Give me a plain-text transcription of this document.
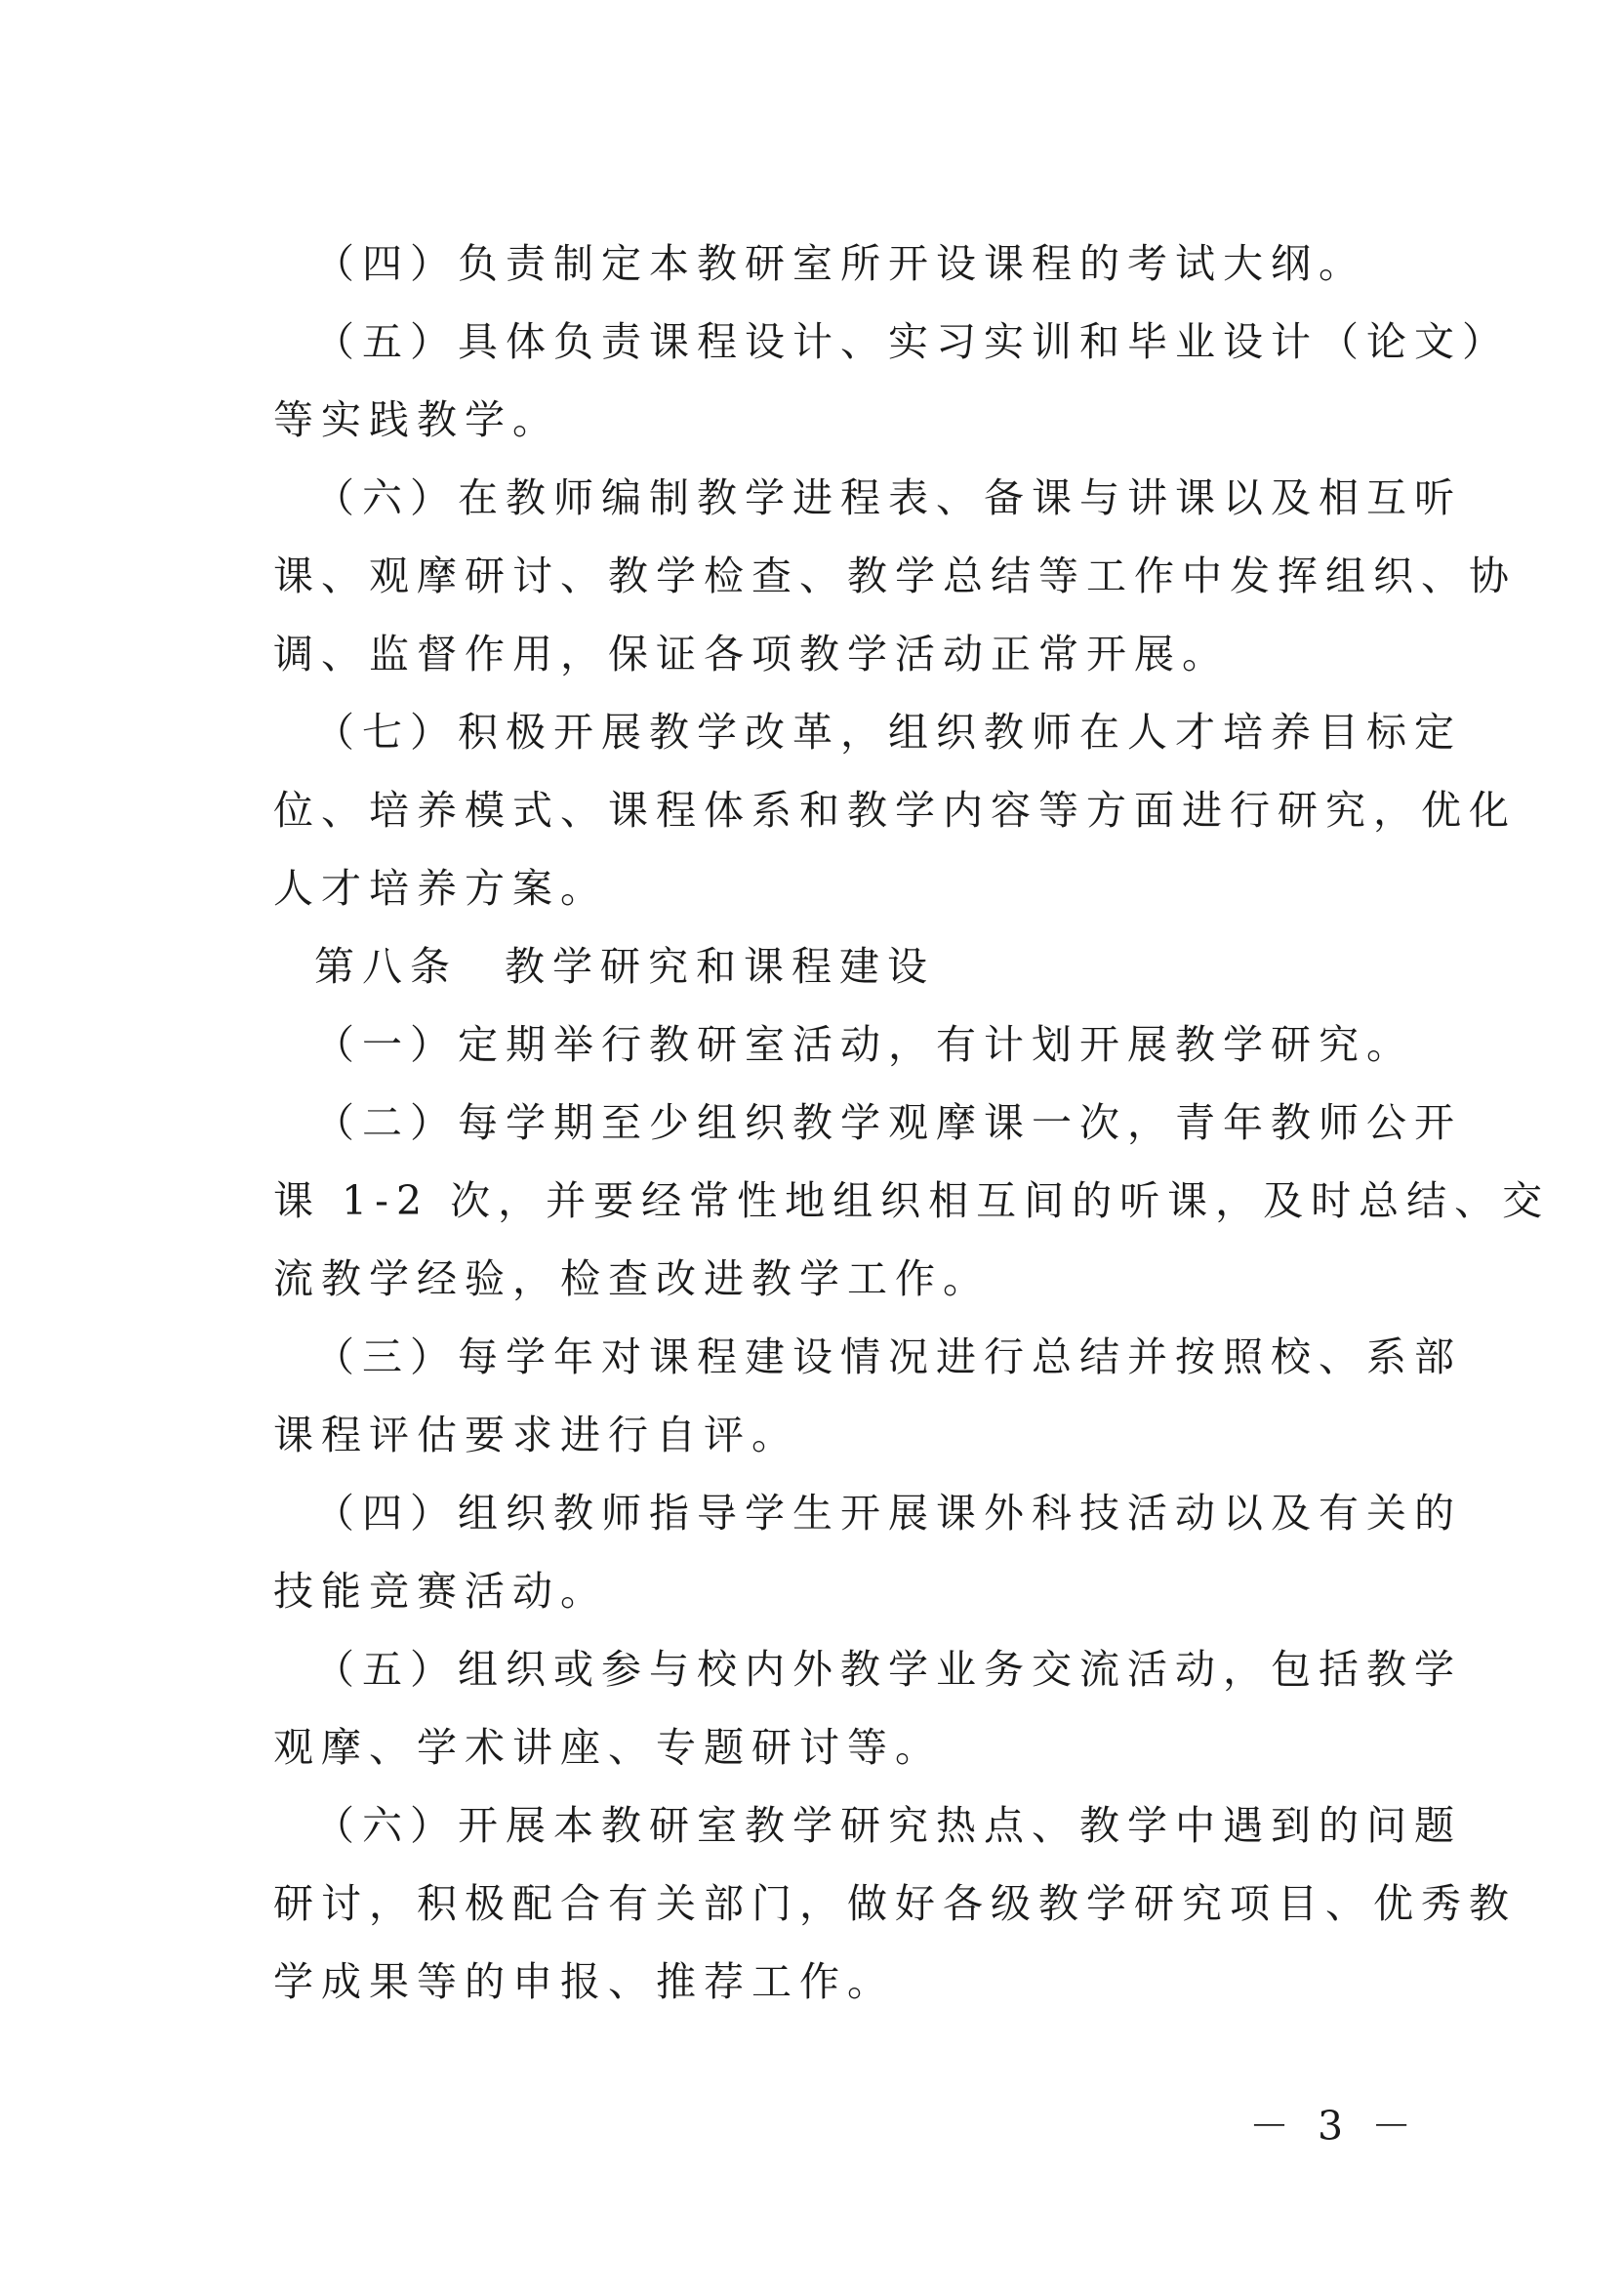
（四）负责制定本教研室所开设课程的考试大纲。
（五）具体负责课程设计、实习实训和毕业设计（论文）
等实践教学。
（六）在教师编制教学进程表、备课与讲课以及相互听
课、观摩研讨、教学检查、教学总结等工作中发挥组织、协
调、监督作用，保证各项教学活动正常开展。
（七）积极开展教学改革，组织教师在人才培养目标定
位、培养模式、课程体系和教学内容等方面进行研究，优化
人才培养方案。
第八条 教学研究和课程建设
（一）定期举行教研室活动，有计划开展教学研究。
（二）每学期至少组织教学观摩课一次，青年教师公开
课 1-2 次，并要经常性地组织相互间的听课，及时总结、交
流教学经验，检查改进教学工作。
（三）每学年对课程建设情况进行总结并按照校、系部
课程评估要求进行自评。
（四）组织教师指导学生开展课外科技活动以及有关的
技能竞赛活动。
（五）组织或参与校内外教学业务交流活动，包括教学
观摩、学术讲座、专题研讨等。
（六）开展本教研室教学研究热点、教学中遇到的问题
研讨，积极配合有关部门，做好各级教学研究项目、优秀教
学成果等的申报、推荐工作。
－ 3 －
